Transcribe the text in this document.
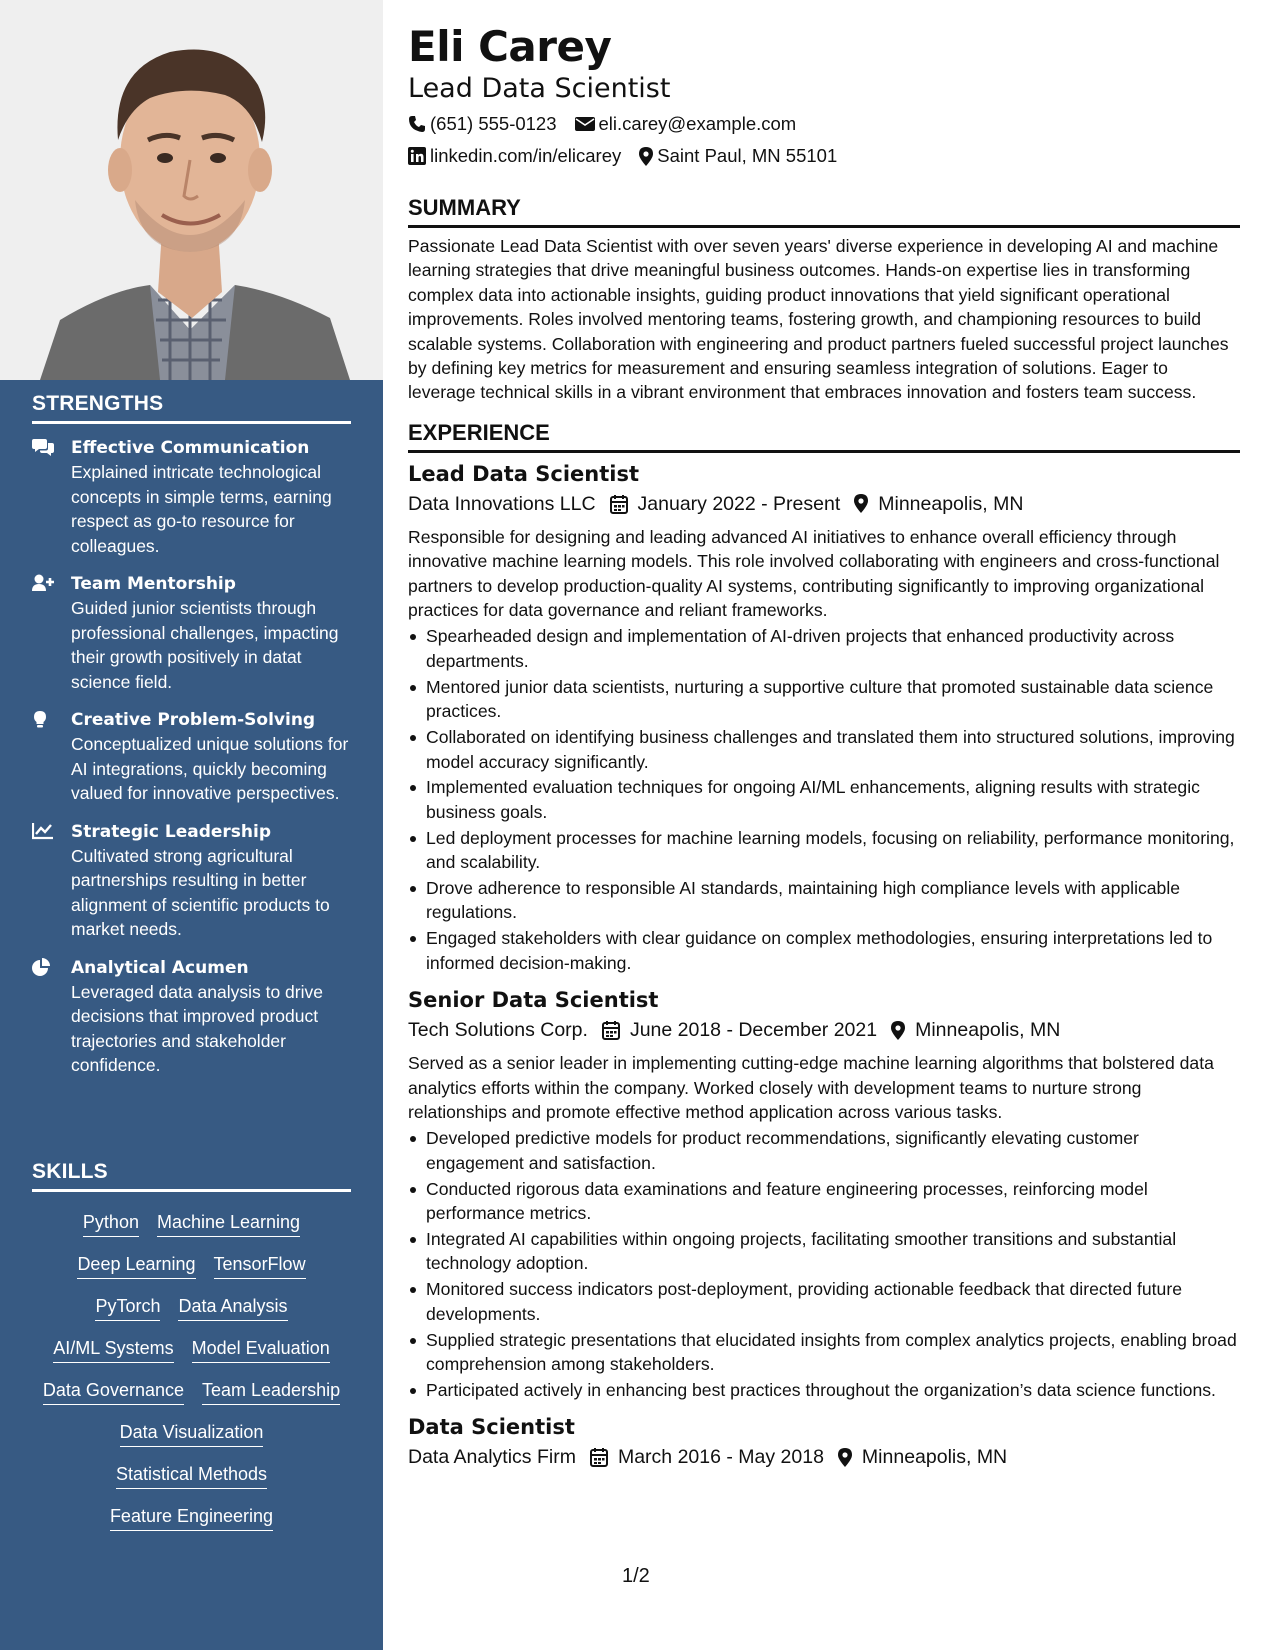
STRENGTHS
Effective Communication
Explained intricate technological concepts in simple terms, earning respect as go-to resource for colleagues.
Team Mentorship
Guided junior scientists through professional challenges, impacting their growth positively in datat science field.
Creative Problem-Solving
Conceptualized unique solutions for AI integrations, quickly becoming valued for innovative perspectives.
Strategic Leadership
Cultivated strong agricultural partnerships resulting in better alignment of scientific products to market needs.
Analytical Acumen
Leveraged data analysis to drive decisions that improved product trajectories and stakeholder confidence.
SKILLS
Python Machine Learning
Deep Learning TensorFlow
PyTorch Data Analysis
AI/ML Systems Model Evaluation
Data Governance Team Leadership
Data Visualization
Statistical Methods
Feature Engineering
Eli Carey
Lead Data Scientist
(651) 555-0123 eli.carey@example.com
linkedin.com/in/elicarey Saint Paul, MN 55101
SUMMARY

Passionate Lead Data Scientist with over seven years' diverse experience in developing AI and machine learning strategies that drive meaningful business outcomes. Hands-on expertise lies in transforming complex data into actionable insights, guiding product innovations that yield significant operational improvements. Roles involved mentoring teams, fostering growth, and championing resources to build scalable systems. Collaboration with engineering and product partners fueled successful project launches by defining key metrics for measurement and ensuring seamless integration of solutions. Eager to leverage technical skills in a vibrant environment that embraces innovation and fosters team success.

EXPERIENCE
Lead Data Scientist
Data Innovations LLC January 2022 - Present Minneapolis, MN

Responsible for designing and leading advanced AI initiatives to enhance overall efficiency through innovative machine learning models. This role involved collaborating with engineers and cross-functional partners to develop production-quality AI systems, contributing significantly to improving organizational practices for data governance and reliant frameworks.

Spearheaded design and implementation of AI-driven projects that enhanced productivity across departments.
Mentored junior data scientists, nurturing a supportive culture that promoted sustainable data science practices.
Collaborated on identifying business challenges and translated them into structured solutions, improving model accuracy significantly.
Implemented evaluation techniques for ongoing AI/ML enhancements, aligning results with strategic business goals.
Led deployment processes for machine learning models, focusing on reliability, performance monitoring, and scalability.
Drove adherence to responsible AI standards, maintaining high compliance levels with applicable regulations.
Engaged stakeholders with clear guidance on complex methodologies, ensuring interpretations led to informed decision-making.
Senior Data Scientist
Tech Solutions Corp. June 2018 - December 2021 Minneapolis, MN

Served as a senior leader in implementing cutting-edge machine learning algorithms that bolstered data analytics efforts within the company. Worked closely with development teams to nurture strong relationships and promote effective method application across various tasks.

Developed predictive models for product recommendations, significantly elevating customer engagement and satisfaction.
Conducted rigorous data examinations and feature engineering processes, reinforcing model performance metrics.
Integrated AI capabilities within ongoing projects, facilitating smoother transitions and substantial technology adoption.
Monitored success indicators post-deployment, providing actionable feedback that directed future developments.
Supplied strategic presentations that elucidated insights from complex analytics projects, enabling broad comprehension among stakeholders.
Participated actively in enhancing best practices throughout the organization’s data science functions.
Data Scientist
Data Analytics Firm March 2016 - May 2018 Minneapolis, MN
1/2
